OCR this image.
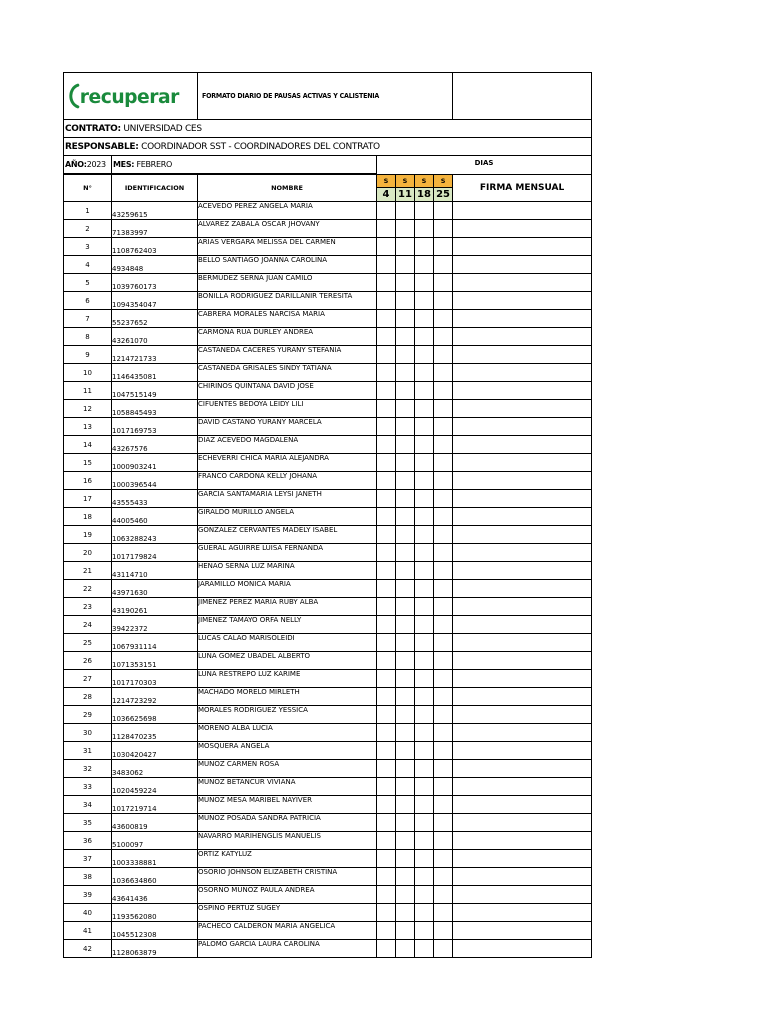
recuperar		FORMATO DIARIO DE PAUSAS ACTIVAS Y CALISTENIA					
CONTRATO: UNIVERSIDAD CES							
RESPONSABLE: COORDINADOR SST - COORDINADORES DEL CONTRATO							
AÑO:2023	MES: FEBRERO		DIAS				

N°	IDENTIFICACION	NOMBRE	S	S	S	S	FIRMA MENSUAL
			4	11	18	25	
1	43259615	ACEVEDO PEREZ ANGELA MARIA					
2	71383997	ALVAREZ ZABALA OSCAR JHOVANY					
3	1108762403	ARIAS VERGARA MELISSA DEL CARMEN					
4	4934848	BELLO SANTIAGO JOANNA CAROLINA					
5	1039760173	BERMUDEZ SERNA JUAN CAMILO					
6	1094354047	BONILLA RODRIGUEZ DARILLANIR TERESITA					
7	55237652	CABRERA MORALES NARCISA MARIA					
8	43261070	CARMONA RUA DURLEY ANDREA					
9	1214721733	CASTAÑEDA CACERES YURANY STEFANIA					
10	1146435081	CASTAÑEDA GRISALES SINDY TATIANA					
11	1047515149	CHIRINOS QUINTANA DAVID JOSE					
12	1058845493	CIFUENTES BEDOYA LEIDY LILI					
13	1017169753	DAVID CASTAÑO YURANY MARCELA					
14	43267576	DIAZ ACEVEDO MAGDALENA					
15	1000903241	ECHEVERRI CHICA MARIA ALEJANDRA					
16	1000396544	FRANCO CARDONA KELLY JOHANA					
17	43555433	GARCIA SANTAMARIA LEYSI JANETH					
18	44005460	GIRALDO MURILLO ANGELA					
19	1063288243	GONZALEZ CERVANTES MADELY ISABEL					
20	1017179824	GUERAL AGUIRRE LUISA FERNANDA					
21	43114710	HENAO SERNA LUZ MARINA					
22	43971630	JARAMILLO MONICA MARIA					
23	43190261	JIMENEZ PEREZ MARIA RUBY ALBA					
24	39422372	JIMENEZ TAMAYO ORFA NELLY					
25	1067931114	LUCAS CALAO MARISOLEIDI					
26	1071353151	LUNA GOMEZ UBADEL ALBERTO					
27	1017170303	LUNA RESTREPO LUZ KARIME					
28	1214723292	MACHADO MORELO MIRLETH					
29	1036625698	MORALES RODRIGUEZ YESSICA					
30	1128470235	MORENO ALBA LUCIA					
31	1030420427	MOSQUERA ANGELA					
32	3483062	MUÑOZ CARMEN ROSA					
33	1020459224	MUÑOZ BETANCUR VIVIANA					
34	1017219714	MUÑOZ MESA MARIBEL NAYIVER					
35	43600819	MUÑOZ POSADA SANDRA PATRICIA					
36	5100097	NAVARRO MARIHENGLIS MANUELIS					
37	1003338881	ORTIZ KATYLUZ					
38	1036634860	OSORIO JOHNSON ELIZABETH CRISTINA					
39	43641436	OSORNO MUÑOZ PAULA ANDREA					
40	1193562080	OSPINO PERTUZ SUGEY					
41	1045512308	PACHECO CALDERON MARIA ANGELICA					
42	1128063879	PALOMO GARCIA LAURA CAROLINA					
